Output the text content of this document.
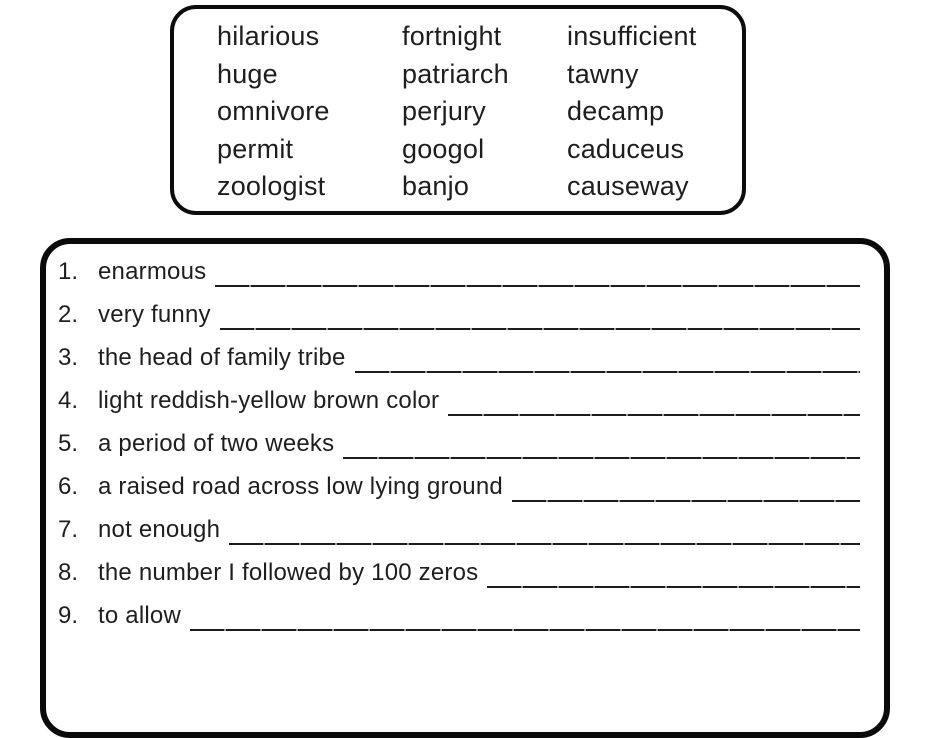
hilarious
huge
omnivore
permit
zoologist
fortnight
patriarch
perjury
googol
banjo
insufficient
tawny
decamp
caduceus
causeway
1. enarmous
2. very funny
3. the head of family tribe
4. light reddish-yellow brown color
5. a period of two weeks
6. a raised road across low lying ground
7. not enough
8. the number I followed by 100 zeros
9. to allow
